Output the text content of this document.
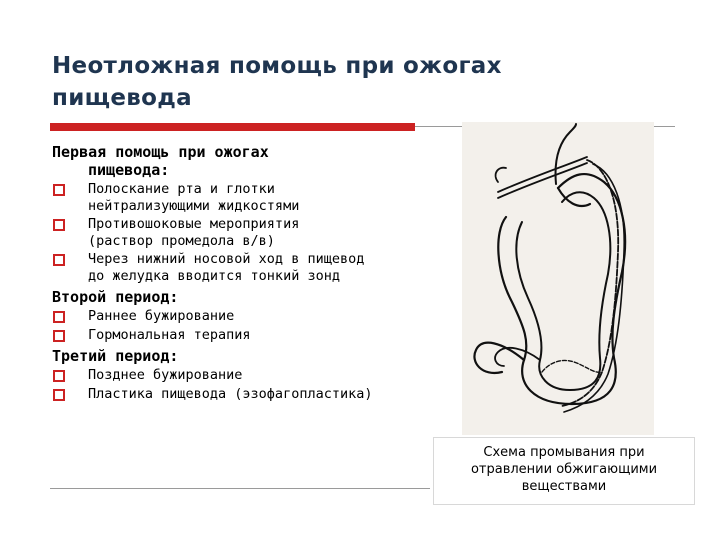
Неотложная помощь при ожогах
пищевода
Первая помощь при ожогах
пищевода:
Полоскание рта и глотки
нейтрализующими жидкостями
Противошоковые мероприятия
(раствор промедола в/в)
Через нижний носовой ход в пищевод
до желудка вводится тонкий зонд
Второй период:
Раннее бужирование
Гормональная терапия
Третий период:
Позднее бужирование
Пластика пищевода (эзофагопластика)
Схема промывания при
отравлении обжигающими
веществами
